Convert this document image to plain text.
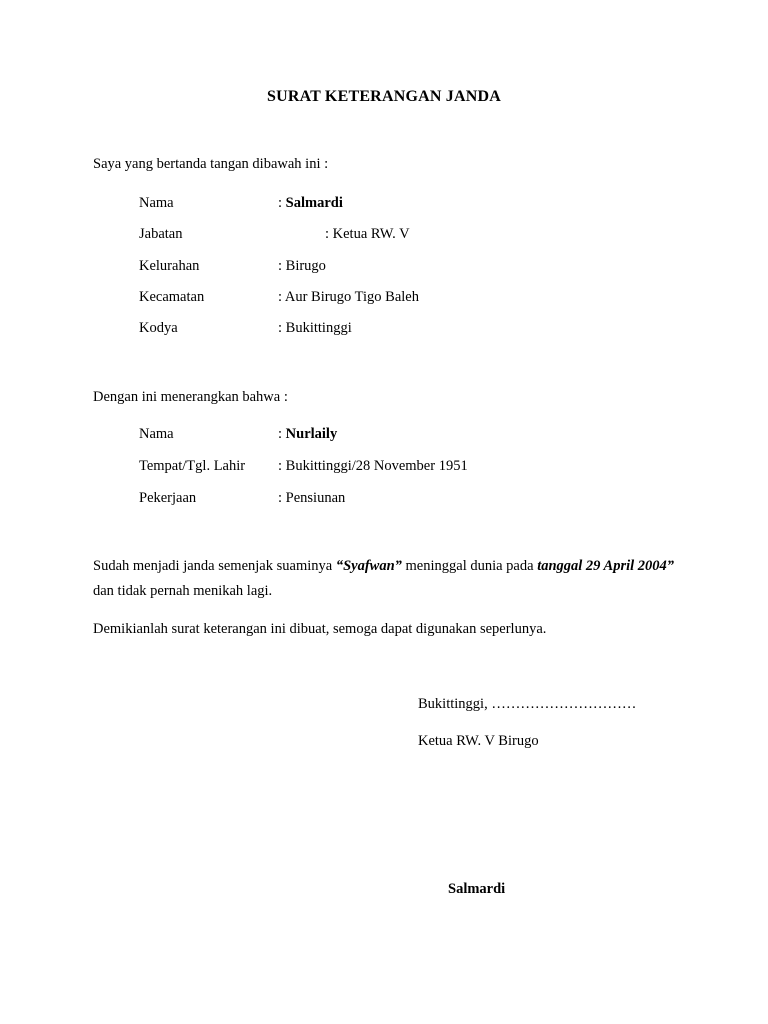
SURAT KETERANGAN JANDA
Saya yang bertanda tangan dibawah ini :
Nama	: Salmardi
Jabatan	: Ketua RW. V
Kelurahan	: Birugo
Kecamatan	: Aur Birugo Tigo Baleh
Kodya	: Bukittinggi
Dengan ini menerangkan bahwa :
Nama	: Nurlaily
Tempat/Tgl. Lahir : Bukittinggi/28 November 1951
Pekerjaan	: Pensiunan
Sudah menjadi janda semenjak suaminya “Syafwan” meninggal dunia pada tanggal 29 April 2004” dan tidak pernah menikah lagi.
Demikianlah surat keterangan ini dibuat, semoga dapat digunakan seperlunya.
Bukittinggi, …………………………
Ketua RW. V Birugo
Salmardi
